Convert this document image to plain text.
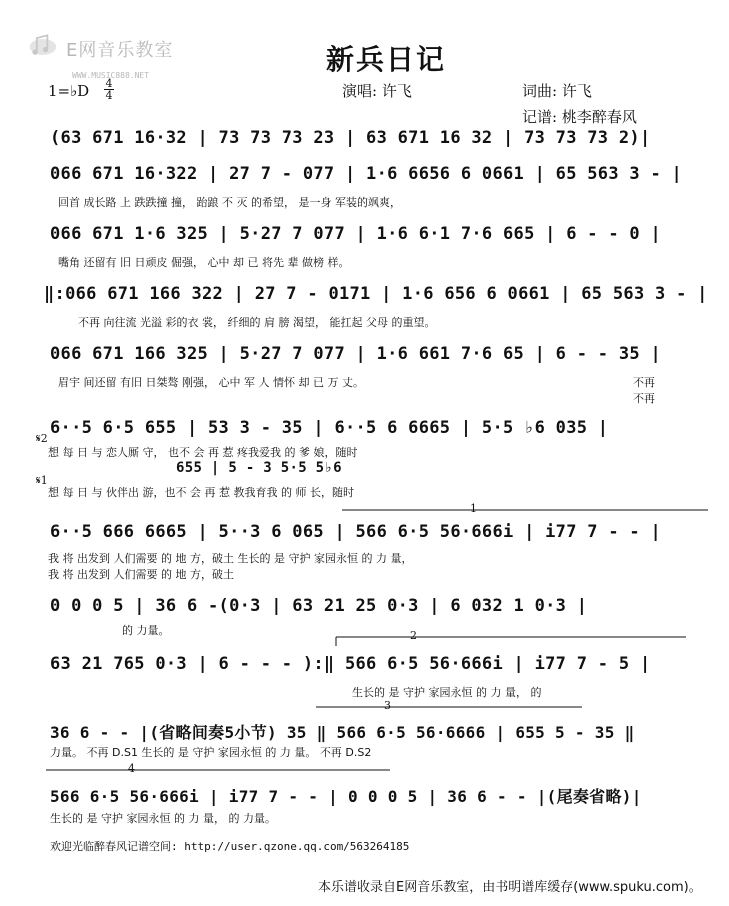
E网音乐教室
WWW.MUSIC888.NET	新兵日记
1=♭D 4
4	演唱: 许飞	词曲: 许飞
记谱: 桃李醉春风
(63 671 16·32 | 73 73 73 23 | 63 671 16 32 | 73 73 73 2)|
066 671 16·322 | 27 7 - 077 | 1·6 6656 6 0661 | 65 563 3 - |
回首 成长路 上 跌跌撞 撞， 跆踉 不 灭 的希望， 是一身 军装的飒爽，
066 671 1·6 325 | 5·27 7 077 | 1·6 6·1 7·6 665 | 6 - - 0 |
嘴角 还留有 旧 日顽皮 倔强， 心中 却 已 将先 辈 做榜 样。
‖:066 671 166 322 | 27 7 - 0171 | 1·6 656 6 0661 | 65 563 3 - |
不再 向往流 光溢 彩的衣 裳， 纤细的 肩 膀 渴望， 能扛起 父母 的重望。
066 671 166 325 | 5·27 7 077 | 1·6 661 7·6 65 | 6 - - 35 |
眉宇 间还留 有旧 日桀骜 刚强， 心中 军 人 情怀 却 已 万 丈。	不再
不再
6··5 6·5 655 | 53 3 - 35 | 6··5 6 6665 | 5·5 ♭6 035 |
𝄋2
想 每 日 与 恋人厮 守， 也不 会 再 惹 疼我爱我 的 爹 娘，随时
655 | 5 - 3 5·5 5♭6
𝄋1
想 每 日 与 伙伴出 游，也不 会 再 惹 教我育我 的 师 长，随时
6··5 666 6665 | 5··3 6 065 | 566 6·5 56·666i | i77 7 - - |
我 将 出发到 人们需要 的 地 方，破土 生长的 是 守护 家园永恒 的 力 量，
我 将 出发到 人们需要 的 地 方，破土
0 0 0 5 | 36 6 -(0·3 | 63 21 25 0·3 | 6 032 1 0·3 |
的 力量。
63 21 765 0·3 | 6 - - - ):‖ 566 6·5 56·666i | i77 7 - 5 |
生长的 是 守护 家园永恒 的 力 量， 的
36 6 - - |(省略间奏5小节) 35 ‖ 566 6·5 56·6666 | 655 5 - 35 ‖
力量。 不再 D.S1 生长的 是 守护 家园永恒 的 力 量。 不再 D.S2
566 6·5 56·666i | i77 7 - - | 0 0 0 5 | 36 6 - - |(尾奏省略)|
生长的 是 守护 家园永恒 的 力 量， 的 力量。
1
2
3
4
欢迎光临醉春风记谱空间: http://user.qzone.qq.com/563264185
本乐谱收录自E网音乐教室，由书明谱库缓存(www.spuku.com)。
